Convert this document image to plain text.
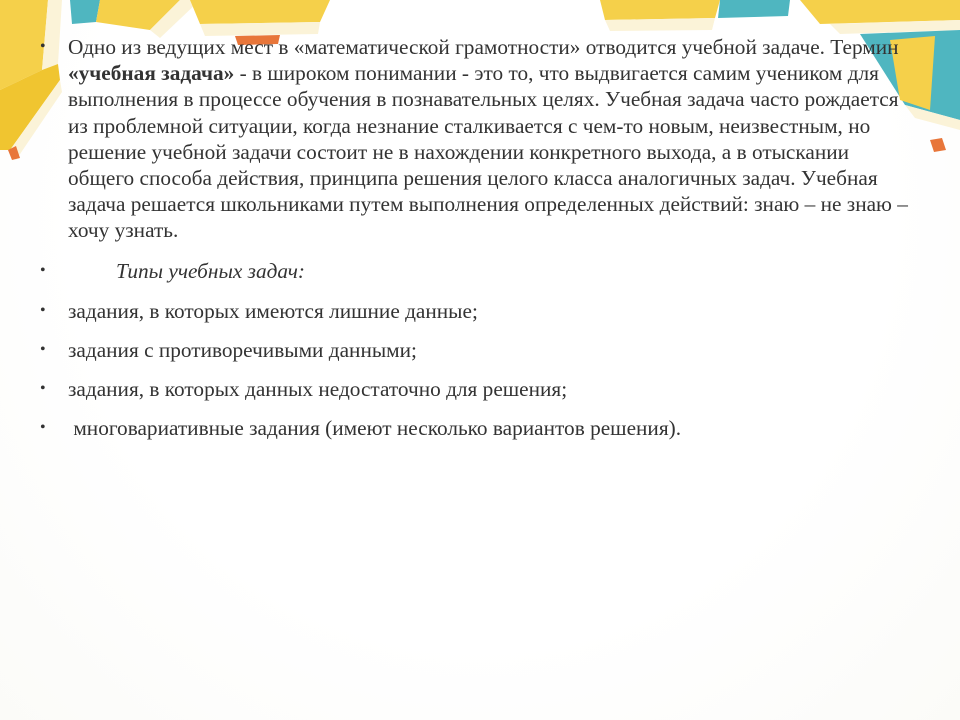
•	Одно из ведущих мест в «математической грамотности» отводится учебной задаче. Термин «учебная задача» - в широком понимании - это то, что выдвигается самим учеником для выполнения в процессе обучения в познавательных целях. Учебная задача часто рождается из проблемной ситуации, когда незнание сталкивается с чем-то новым, неизвестным, но решение учебной задачи состоит не в нахождении конкретного выхода, а в отыскании общего способа действия, принципа решения целого класса аналогичных задач. Учебная задача решается школьниками путем выполнения определенных действий: знаю – не знаю – хочу узнать.
•	Типы учебных задач:
•	задания, в которых имеются лишние данные;
•	задания с противоречивыми данными;
•	задания, в которых данных недостаточно для решения;
•	многовариативные задания (имеют несколько вариантов решения).
